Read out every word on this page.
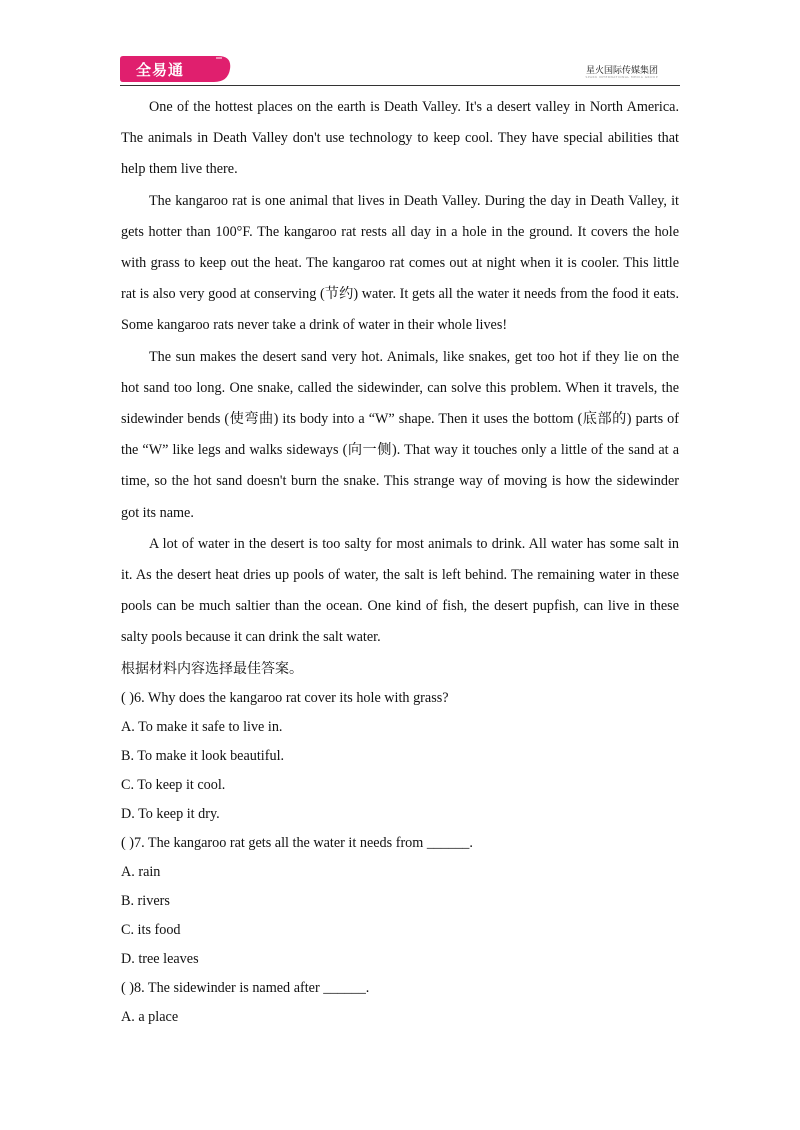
全易通	星火国际传媒集团
SPARK INTERNATIONAL MEDIA GROUP

One of the hottest places on the earth is Death Valley. It's a desert valley in North America. The animals in Death Valley don't use technology to keep cool. They have special abilities that help them live there.

The kangaroo rat is one animal that lives in Death Valley. During the day in Death Valley, it gets hotter than 100°F. The kangaroo rat rests all day in a hole in the ground. It covers the hole with grass to keep out the heat. The kangaroo rat comes out at night when it is cooler. This little rat is also very good at conserving (节约) water. It gets all the water it needs from the food it eats. Some kangaroo rats never take a drink of water in their whole lives!

The sun makes the desert sand very hot. Animals, like snakes, get too hot if they lie on the hot sand too long. One snake, called the sidewinder, can solve this problem. When it travels, the sidewinder bends (使弯曲) its body into a “W” shape. Then it uses the bottom (底部的) parts of the “W” like legs and walks sideways (向一侧). That way it touches only a little of the sand at a time, so the hot sand doesn't burn the snake. This strange way of moving is how the sidewinder got its name.

A lot of water in the desert is too salty for most animals to drink. All water has some salt in it. As the desert heat dries up pools of water, the salt is left behind. The remaining water in these pools can be much saltier than the ocean. One kind of fish, the desert pupfish, can live in these salty pools because it can drink the salt water.

根据材料内容选择最佳答案。

( )6. Why does the kangaroo rat cover its hole with grass?

A. To make it safe to live in.

B. To make it look beautiful.

C. To keep it cool.

D. To keep it dry.

( )7. The kangaroo rat gets all the water it needs from ______.

A. rain

B. rivers

C. its food

D. tree leaves

( )8. The sidewinder is named after ______.

A. a place
